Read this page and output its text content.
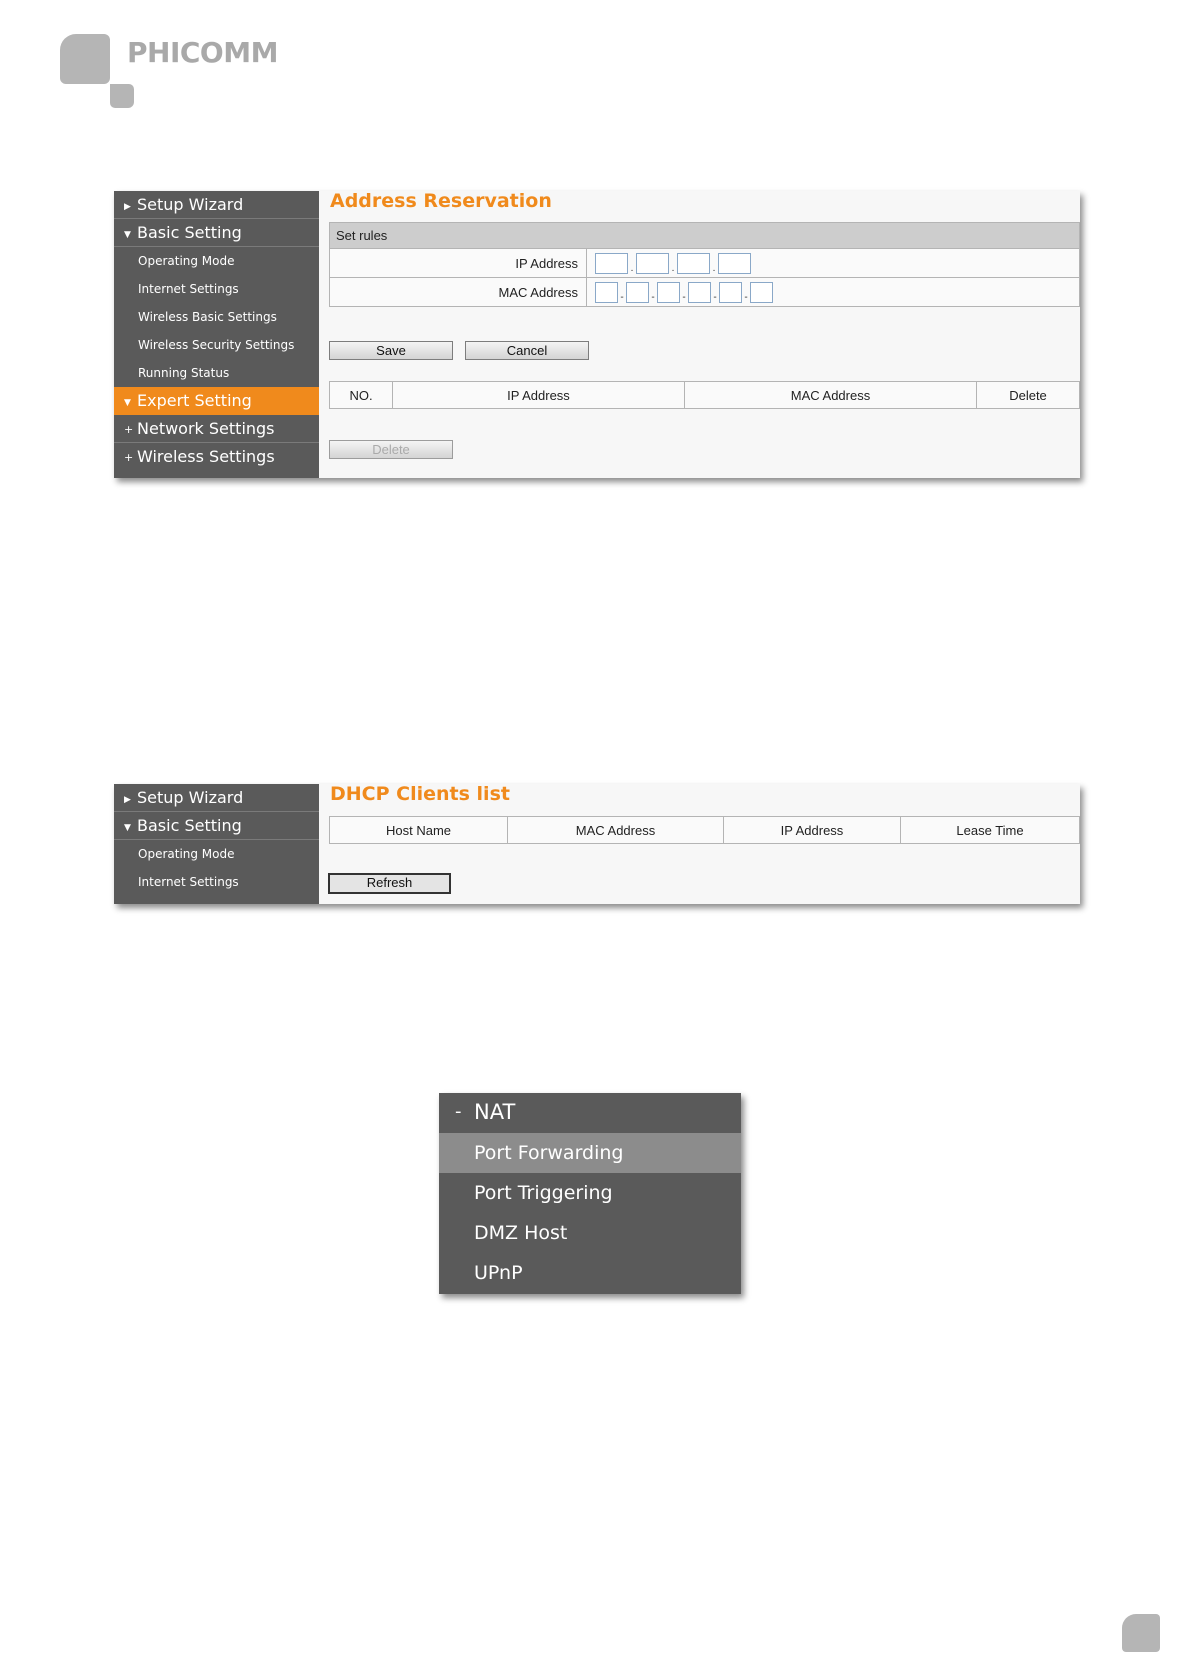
PHICOMM
▶ Setup Wizard
▼ Basic Setting
Operating Mode
Internet Settings
Wireless Basic Settings
Wireless Security Settings
Running Status
▼ Expert Setting
+ Network Settings
+ Wireless Settings
Address Reservation
Set rules
IP Address	. . .
MAC Address	- - - - -
Save	Cancel
NO.	IP Address	MAC Address	Delete
Delete
▶ Setup Wizard
▼ Basic Setting
Operating Mode
Internet Settings
DHCP Clients list
Host Name	MAC Address	IP Address	Lease Time
Refresh
- NAT
Port Forwarding
Port Triggering
DMZ Host
UPnP
